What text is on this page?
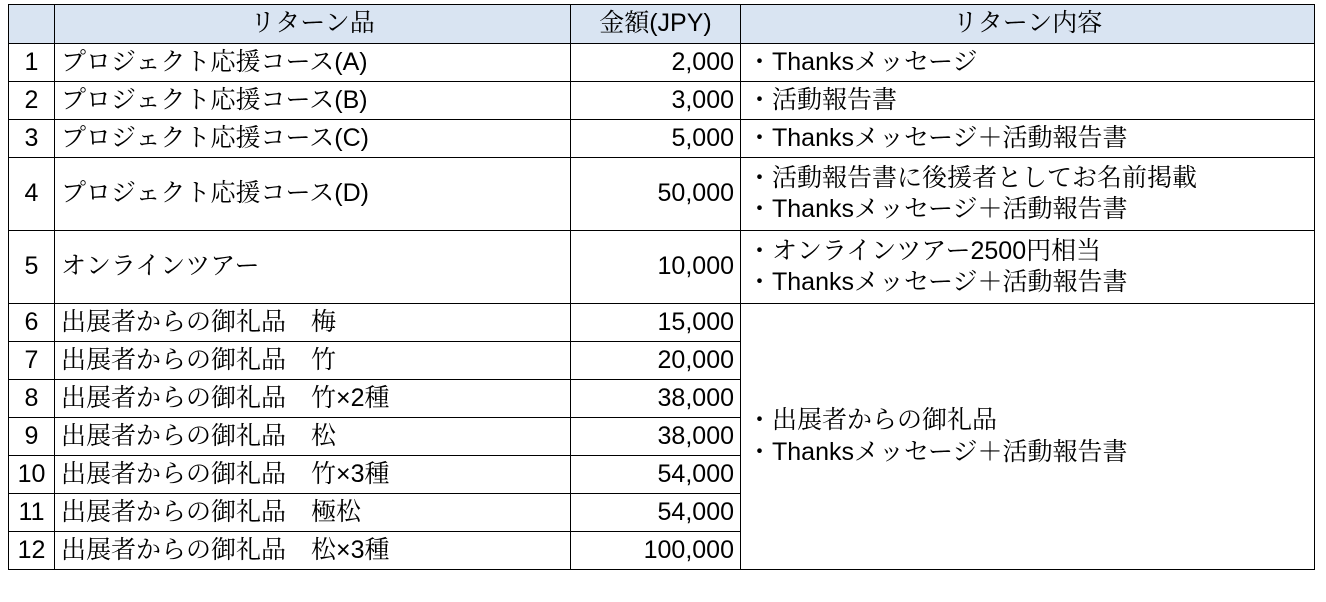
	リターン品	金額(JPY)	リターン内容
1	プロジェクト応援コース(A)	2,000	・Thanksメッセージ

2	プロジェクト応援コース(B)	3,000	・活動報告書

3	プロジェクト応援コース(C)	5,000	・Thanksメッセージ＋活動報告書

4	プロジェクト応援コース(D)	50,000	・活動報告書に後援者としてお名前掲載
・Thanksメッセージ＋活動報告書

5	オンラインツアー	10,000	・オンラインツアー2500円相当
・Thanksメッセージ＋活動報告書

6	出展者からの御礼品　梅	15,000	・出展者からの御礼品
・Thanksメッセージ＋活動報告書

7	出展者からの御礼品　竹	20,000	
8	出展者からの御礼品　竹×2種	38,000	
9	出展者からの御礼品　松	38,000	
10	出展者からの御礼品　竹×3種	54,000	
11	出展者からの御礼品　極松	54,000	
12	出展者からの御礼品　松×3種	100,000	
